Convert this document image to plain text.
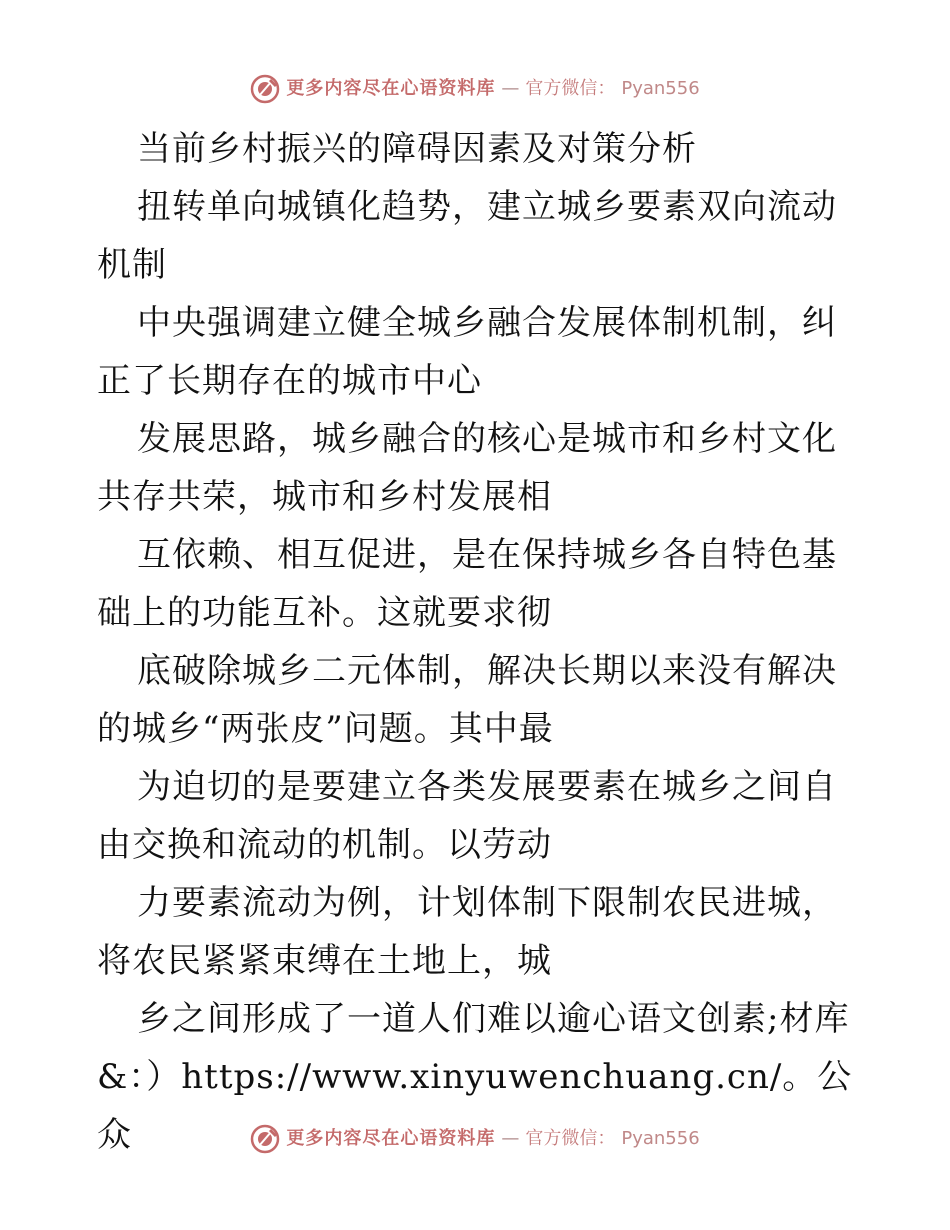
更多内容尽在心语资料库 — 官方微信： Pyan556

当前乡村振兴的障碍因素及对策分析

扭转单向城镇化趋势，建立城乡要素双向流动机制

中央强调建立健全城乡融合发展体制机制，纠正了长期存在的城市中心

发展思路，城乡融合的核心是城市和乡村文化共存共荣，城市和乡村发展相

互依赖、相互促进，是在保持城乡各自特色基础上的功能互补。这就要求彻

底破除城乡二元体制，解决长期以来没有解决的城乡“两张皮”问题。其中最

为迫切的是要建立各类发展要素在城乡之间自由交换和流动的机制。以劳动

力要素流动为例，计划体制下限制农民进城，将农民紧紧束缚在土地上，城

乡之间形成了一道人们难以逾心语文创素;材库&：）https://www.xinyuwenchuang.cn/。公众	更多内容尽在心语资料库 — 官方微信： Pyan556
